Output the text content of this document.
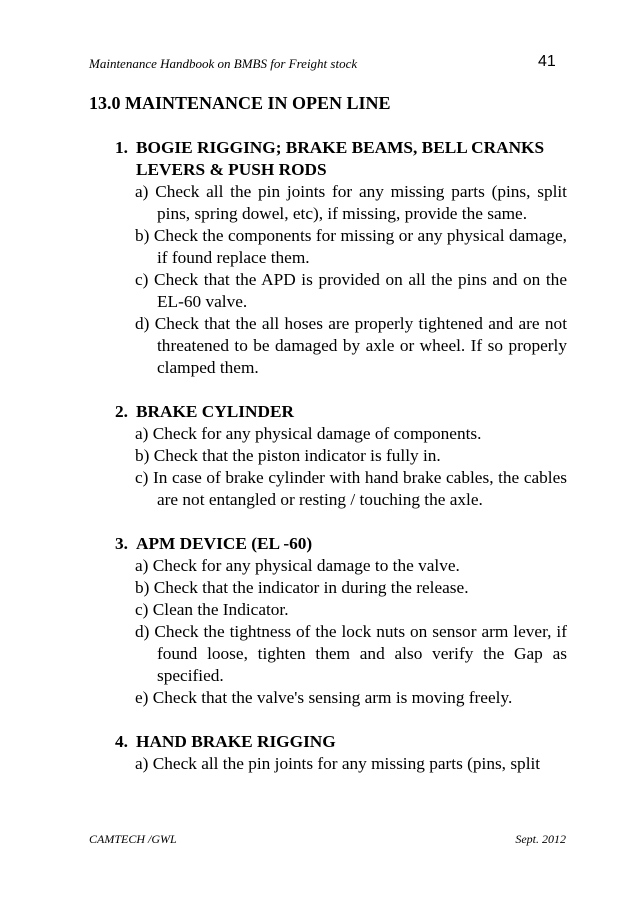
Maintenance Handbook on BMBS for Freight stock	41
13.0 MAINTENANCE IN OPEN LINE
1. BOGIE RIGGING; BRAKE BEAMS, BELL CRANKS LEVERS & PUSH RODS
a) Check all the pin joints for any missing parts (pins, split pins, spring dowel, etc), if missing, provide the same.
b) Check the components for missing or any physical damage, if found replace them.
c) Check that the APD is provided on all the pins and on the EL-60 valve.
d) Check that the all hoses are properly tightened and are not threatened to be damaged by axle or wheel. If so properly clamped them.
2. BRAKE CYLINDER
a) Check for any physical damage of components.
b) Check that the piston indicator is fully in.
c) In case of brake cylinder with hand brake cables, the cables are not entangled or resting / touching the axle.
3. APM DEVICE (EL -60)
a) Check for any physical damage to the valve.
b) Check that the indicator in during the release.
c) Clean the Indicator.
d) Check the tightness of the lock nuts on sensor arm lever, if found loose, tighten them and also verify the Gap as specified.
e) Check that the valve's sensing arm is moving freely.
4. HAND BRAKE RIGGING
a) Check all the pin joints for any missing parts (pins, split
CAMTECH /GWL	Sept. 2012
